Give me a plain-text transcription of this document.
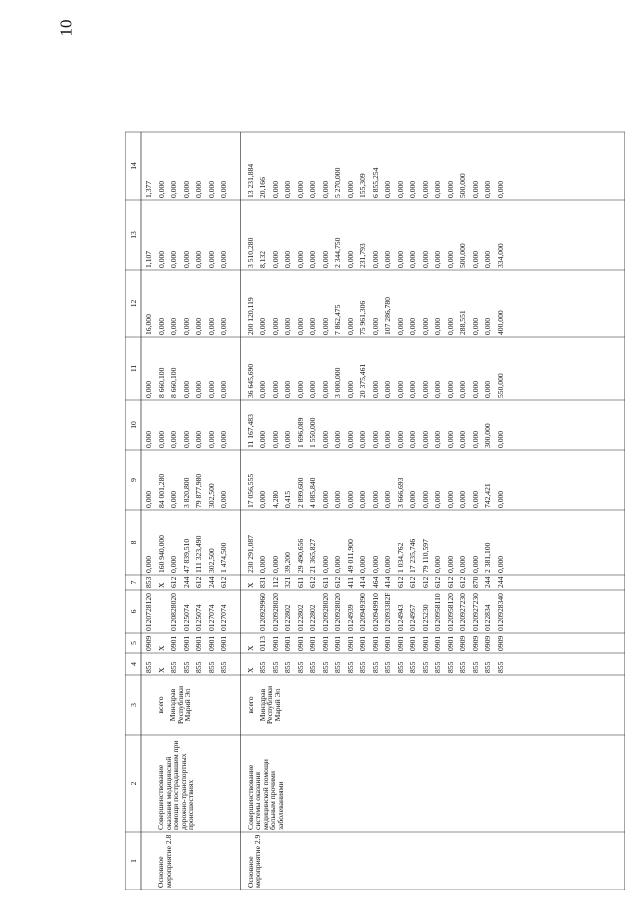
10
1
2
3
4
5
6
7
8
9
10
11
12
13
14
Основное мероприятие 2.8
Совершенствование оказания медицинской помощи пострадавшим при дорожно-транспортных происшествиях
всего Минздрав Республики Марий Эл
855
0909
0120728120
853
0,000
0,000
0,000
0,000
16,000
1,107
1,377
X
X
X
160 940,000
84 001,280
0,000
8 660,100
0,000
0,000
0,000
855
0901
0120828020
612
0,000
0,000
0,000
8 660,100
0,000
0,000
0,000
855
0901
0125074
244
47 839,510
3 820,800
0,000
0,000
0,000
0,000
0,000
855
0901
0125074
612
111 323,490
79 877,980
0,000
0,000
0,000
0,000
0,000
855
0901
0127074
244
302,500
302,500
0,000
0,000
0,000
0,000
0,000
855
0901
0127074
612
1 474,500
0,000
0,000
0,000
0,000
0,000
0,000
Основное мероприятие 2.9
Совершенствование системы оказания медицинской помощи больным прочими заболеваниями
всего Минздрав Республики Марий Эл
X
X
X
230 291,087
17 056,555
11 167,483
36 645,690
200 120,119
3 510,280
13 231,884
855
0113
0120929960
831
0,000
0,000
0,000
0,000
0,000
8,132
20,166
855
0901
0120928020
112
0,000
4,280
0,000
0,000
0,000
0,000
0,000
855
0901
0122802
321
39,200
0,415
0,000
0,000
0,000
0,000
0,000
855
0901
0122802
611
29 490,656
2 899,600
1 696,089
0,000
0,000
0,000
0,000
855
0901
0122802
612
21 365,827
4 085,840
1 550,000
0,000
0,000
0,000
0,000
855
0901
0120928020
611
0,000
0,000
0,000
0,000
0,000
0,000
0,000
855
0901
0120928020
612
0,000
0,000
0,000
3 000,000
7 862,475
2 344,750
5 270,000
855
0901
0124939
411
49 011,900
0,000
0,000
0,000
0,000
0,000
0,000
855
0901
0120949390
414
0,000
0,000
0,000
20 375,461
75 961,306
231,793
155,309
855
0901
0120949910
464
0,000
0,000
0,000
0,000
0,000
0,000
6 855,254
855
0901
012093382F
414
0,000
0,000
0,000
0,000
107 286,780
0,000
0,000
855
0901
0124943
612
1 034,762
3 666,693
0,000
0,000
0,000
0,000
0,000
855
0901
0124957
612
17 235,746
0,000
0,000
0,000
0,000
0,000
0,000
855
0901
0125230
612
79 110,597
0,000
0,000
0,000
0,000
0,000
0,000
855
0901
0120958110
612
0,000
0,000
0,000
0,000
0,000
0,000
0,000
855
0901
0120958120
612
0,000
0,000
0,000
0,000
0,000
0,000
0,000
855
0909
0120927230
612
0,000
0,000
0,000
0,000
288,551
500,000
500,000
855
0909
0120927230
870
0,000
0,000
0,000
0,000
0,000
0,000
0,000
855
0909
0122834
244
2 381,100
742,421
300,000
0,000
0,000
0,000
0,000
855
0909
0120928340
244
0,000
0,000
0,000
550,000
400,000
334,000
0,000
